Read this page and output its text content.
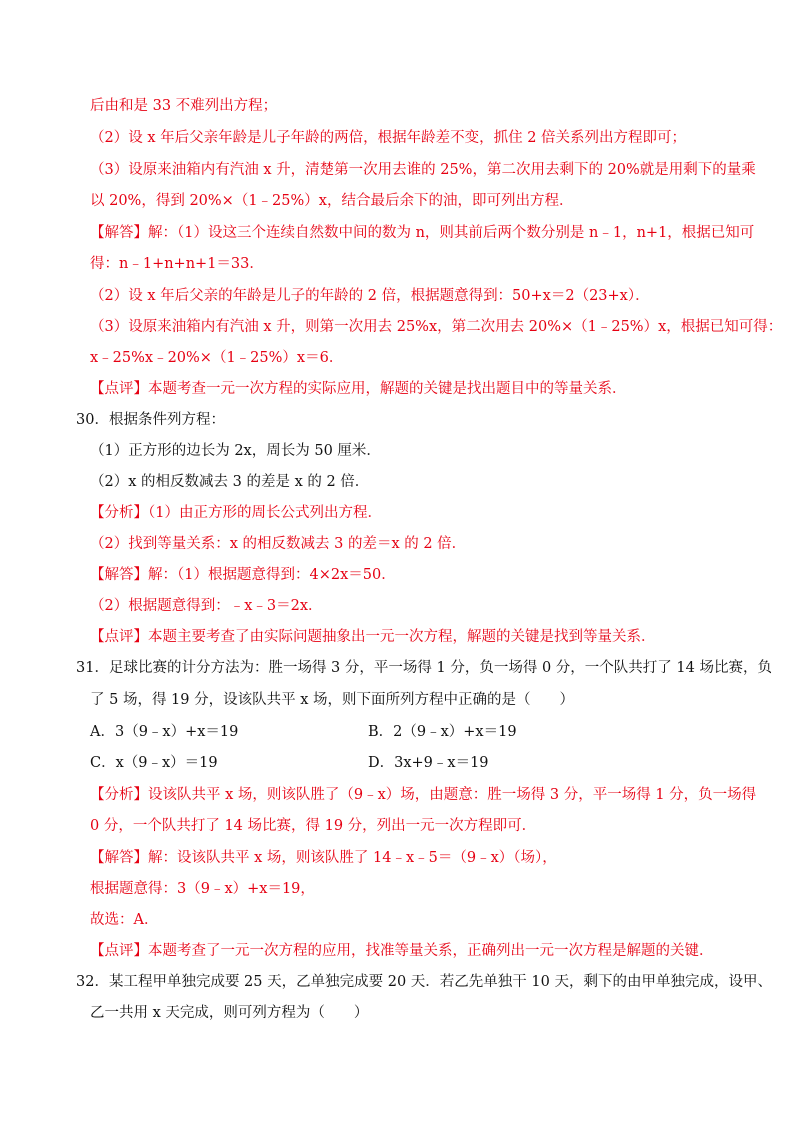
后由和是 33 不难列出方程；
（2）设 x 年后父亲年龄是儿子年龄的两倍，根据年龄差不变，抓住 2 倍关系列出方程即可；
（3）设原来油箱内有汽油 x 升，清楚第一次用去谁的 25%，第二次用去剩下的 20%就是用剩下的量乘
以 20%，得到 20%×（1﹣25%）x，结合最后余下的油，即可列出方程．
【解答】解：（1）设这三个连续自然数中间的数为 n，则其前后两个数分别是 n﹣1，n+1，根据已知可
得：n﹣1+n+n+1＝33．
（2）设 x 年后父亲的年龄是儿子的年龄的 2 倍，根据题意得到：50+x＝2（23+x）．
（3）设原来油箱内有汽油 x 升，则第一次用去 25%x，第二次用去 20%×（1﹣25%）x，根据已知可得：
x﹣25%x﹣20%×（1﹣25%）x＝6．
【点评】本题考查一元一次方程的实际应用，解题的关键是找出题目中的等量关系．
30．根据条件列方程：
（1）正方形的边长为 2x，周长为 50 厘米．
（2）x 的相反数减去 3 的差是 x 的 2 倍．
【分析】（1）由正方形的周长公式列出方程．
（2）找到等量关系：x 的相反数减去 3 的差＝x 的 2 倍．
【解答】解：（1）根据题意得到：4×2x＝50．
（2）根据题意得到：﹣x﹣3＝2x．
【点评】本题主要考查了由实际问题抽象出一元一次方程，解题的关键是找到等量关系．
31．足球比赛的计分方法为：胜一场得 3 分，平一场得 1 分，负一场得 0 分，一个队共打了 14 场比赛，负
了 5 场，得 19 分，设该队共平 x 场，则下面所列方程中正确的是（　　）
A．3（9﹣x）+x＝19	B．2（9﹣x）+x＝19
C．x（9﹣x）＝19	D．3x+9﹣x＝19
【分析】设该队共平 x 场，则该队胜了（9﹣x）场，由题意：胜一场得 3 分，平一场得 1 分，负一场得
0 分，一个队共打了 14 场比赛，得 19 分，列出一元一次方程即可．
【解答】解：设该队共平 x 场，则该队胜了 14﹣x﹣5＝（9﹣x）（场），
根据题意得：3（9﹣x）+x＝19，
故选：A．
【点评】本题考查了一元一次方程的应用，找准等量关系，正确列出一元一次方程是解题的关键．
32．某工程甲单独完成要 25 天，乙单独完成要 20 天．若乙先单独干 10 天，剩下的由甲单独完成，设甲、
乙一共用 x 天完成，则可列方程为（　　）
